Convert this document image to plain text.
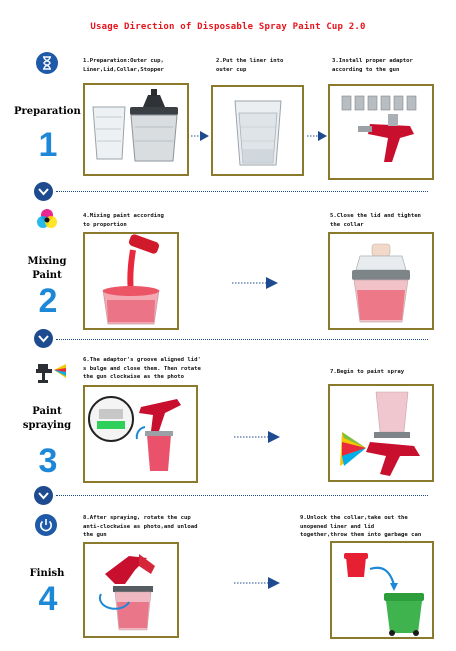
Usage Direction of Disposable Spray Paint Cup 2.0
Preparation
1
1.Preparation:Outer cup,
Liner,Lid,Collar,Stopper
2.Put the liner into
outer cup
3.Install proper adaptor
according to the gun
Mixing
Paint
2
4.Mixing paint according
to proportion
5.Close the lid and tighten
the collar
Paint
spraying
3
6.The adaptor's groove aligned lid'
s bulge and close them. Then rotate
the gun clockwise as the photo
7.Begin to paint spray
Finish
4
8.After spraying, rotate the cup
anti-clockwise as photo,and unload
the gun
9.Unlock the collar,take out the
unopened liner and lid
together,throw them into garbage can
